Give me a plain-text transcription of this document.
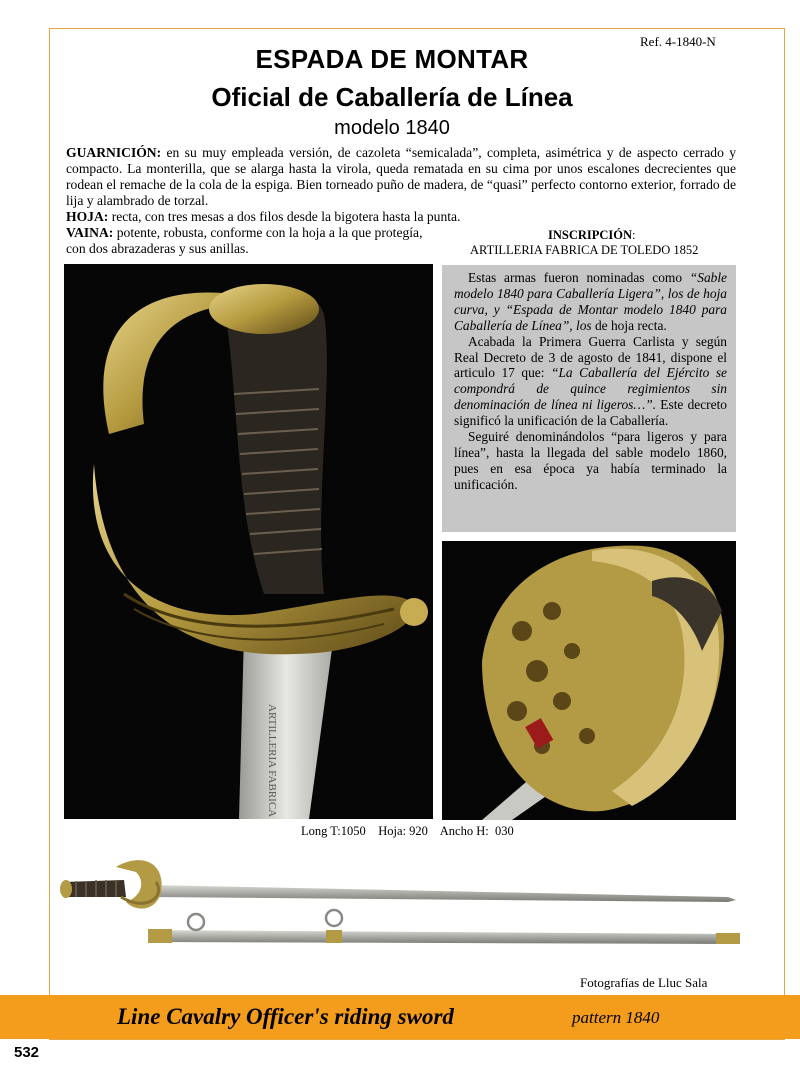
Ref. 4-1840-N
ESPADA DE MONTAR
Oficial de Caballería de Línea
modelo 1840

GUARNICIÓN: en su muy empleada versión, de cazoleta “semicalada”, completa, asimétrica y de aspecto cerrado y compacto. La monterilla, que se alarga hasta la virola, queda rematada en su cima por unos escalones decrecientes que rodean el remache de la cola de la espiga. Bien torneado puño de madera, de “quasi” perfecto contorno exterior, forrado de lija y alambrado de torzal.

HOJA: recta, con tres mesas a dos filos desde la bigotera hasta la punta.

VAINA: potente, robusta, conforme con la hoja a la que protegía,
con dos abrazaderas y sus anillas.

INSCRIPCIÓN:
ARTILLERIA FABRICA DE TOLEDO 1852
ARTILLERIA FABRICA

Estas armas fueron nominadas como “Sable modelo 1840 para Caballería Ligera”, los de hoja curva, y “Espada de Montar modelo 1840 para Caballería de Línea”, los de hoja recta.

Acabada la Primera Guerra Carlista y según Real Decreto de 3 de agosto de 1841, dispone el articulo 17 que: “La Caballería del Ejército se compondrá de quince regimientos sin denominación de línea ni ligeros…”. Este decreto significó la unificación de la Caballería.

Seguiré denominándolos “para ligeros y para línea”, hasta la llegada del sable modelo 1860, pues en esa época ya había terminado la unificación.

Long T:1050 Hoja: 920 Ancho H:  030
Fotografías de Lluc Sala
Line Cavalry Officer's riding sword	pattern 1840
532
